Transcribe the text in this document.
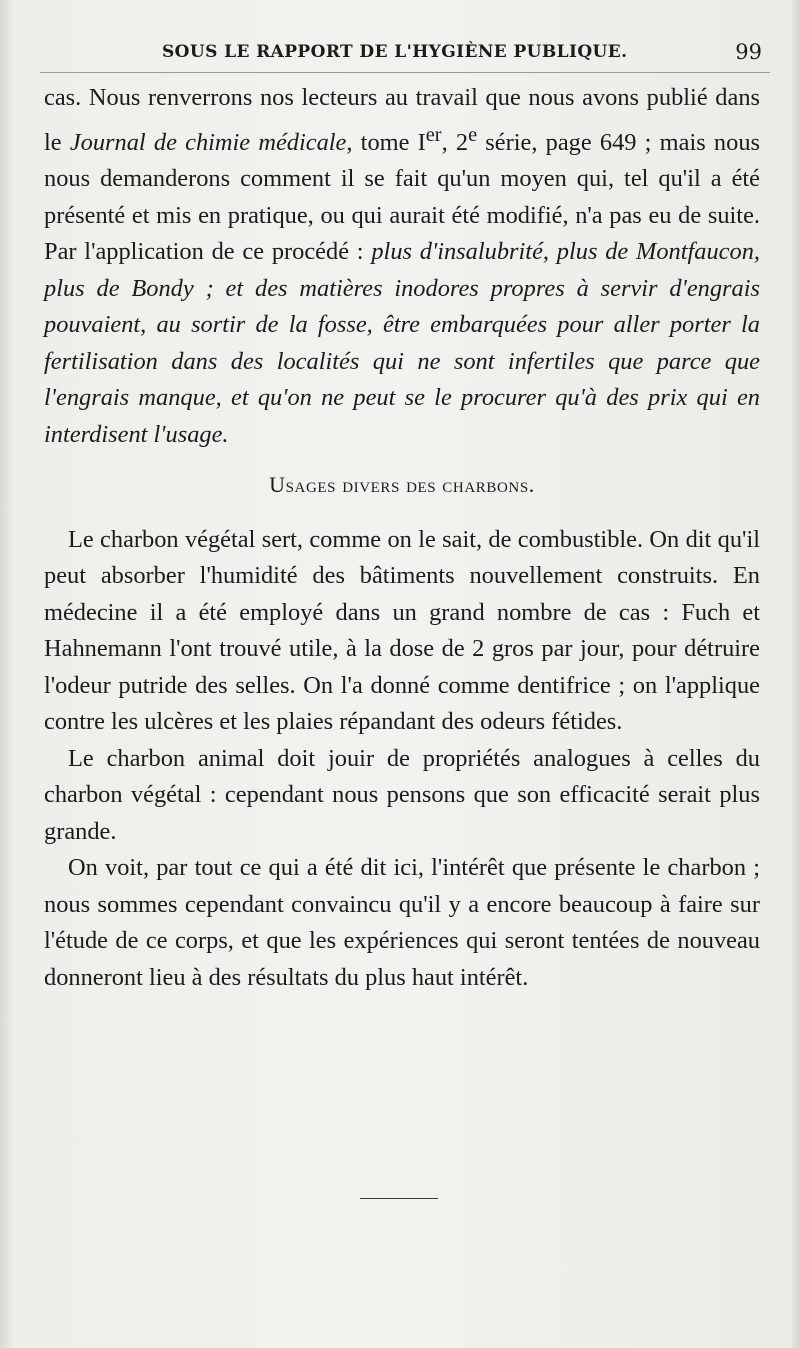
SOUS LE RAPPORT DE L'HYGIÈNE PUBLIQUE.	99

cas. Nous renverrons nos lecteurs au travail que nous avons publié dans le Journal de chimie médicale, tome Ier, 2e série, page 649 ; mais nous nous demanderons comment il se fait qu'un moyen qui, tel qu'il a été présenté et mis en pratique, ou qui aurait été modifié, n'a pas eu de suite. Par l'application de ce procédé : plus d'insalubrité, plus de Montfaucon, plus de Bondy ; et des matières inodores propres à servir d'engrais pouvaient, au sortir de la fosse, être embarquées pour aller porter la fertilisation dans des localités qui ne sont infertiles que parce que l'engrais manque, et qu'on ne peut se le procurer qu'à des prix qui en interdisent l'usage.

Usages divers des charbons.

Le charbon végétal sert, comme on le sait, de combustible. On dit qu'il peut absorber l'humidité des bâtiments nouvellement construits. En médecine il a été employé dans un grand nombre de cas : Fuch et Hahnemann l'ont trouvé utile, à la dose de 2 gros par jour, pour détruire l'odeur putride des selles. On l'a donné comme dentifrice ; on l'applique contre les ulcères et les plaies répandant des odeurs fétides.

Le charbon animal doit jouir de propriétés analogues à celles du charbon végétal : cependant nous pensons que son efficacité serait plus grande.

On voit, par tout ce qui a été dit ici, l'intérêt que présente le charbon ; nous sommes cependant convaincu qu'il y a encore beaucoup à faire sur l'étude de ce corps, et que les expériences qui seront tentées de nouveau donneront lieu à des résultats du plus haut intérêt.
